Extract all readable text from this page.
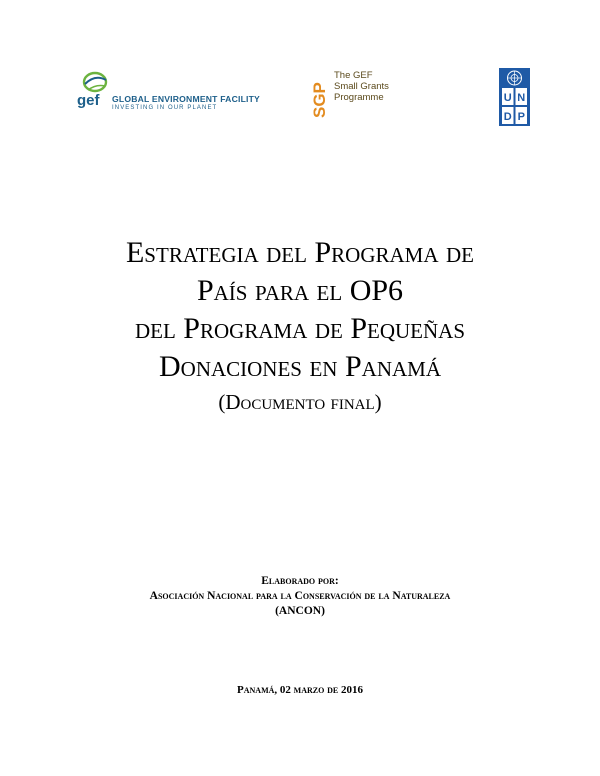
gef GLOBAL ENVIRONMENT FACILITY
INVESTING IN OUR PLANET	SGP
The GEF
Small Grants
Programme	U N
D P
Estrategia del Programa de
País para el OP6
del Programa de Pequeñas
Donaciones en Panamá
(Documento final)
Elaborado por:
Asociación Nacional para la Conservación de la Naturaleza
(ANCON)
Panamá, 02 marzo de 2016
